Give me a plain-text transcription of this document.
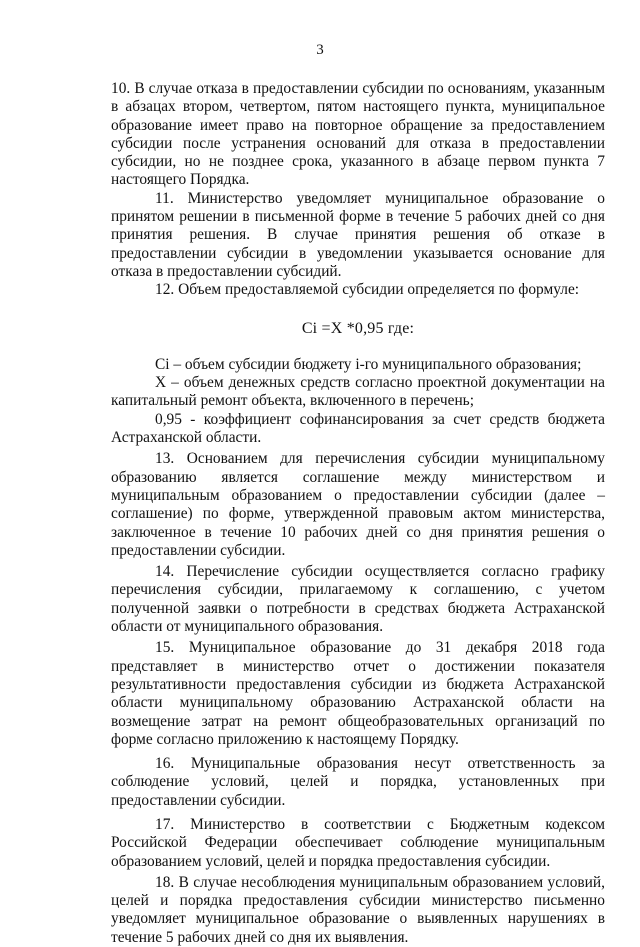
3

10. В случае отказа в предоставлении субсидии по основаниям, указанным в абзацах втором, четвертом, пятом настоящего пункта, муниципальное образование имеет право на повторное обращение за предоставлением субсидии после устранения оснований для отказа в предоставлении субсидии, но не позднее срока, указанного в абзаце первом пункта 7 настоящего Порядка.

11. Министерство уведомляет муниципальное образование о принятом решении в письменной форме в течение 5 рабочих дней со дня принятия решения. В случае принятия решения об отказе в предоставлении субсидии в уведомлении указывается основание для отказа в предоставлении субсидий.

12. Объем предоставляемой субсидии определяется по формуле:

Ci =X *0,95 где:

Ci – объем субсидии бюджету i-го муниципального образования;

X – объем денежных средств согласно проектной документации на капитальный ремонт объекта, включенного в перечень;

0,95 - коэффициент софинансирования за счет средств бюджета Астраханской области.

13. Основанием для перечисления субсидии муниципальному образованию является соглашение между министерством и муниципальным образованием о предоставлении субсидии (далее – соглашение) по форме, утвержденной правовым актом министерства, заключенное в течение 10 рабочих дней со дня принятия решения о предоставлении субсидии.

14. Перечисление субсидии осуществляется согласно графику перечисления субсидии, прилагаемому к соглашению, с учетом полученной заявки о потребности в средствах бюджета Астраханской области от муниципального образования.

15. Муниципальное образование до 31 декабря 2018 года представляет в министерство отчет о достижении показателя результативности предоставления субсидии из бюджета Астраханской области муниципальному образованию Астраханской области на возмещение затрат на ремонт общеобразовательных организаций по форме согласно приложению к настоящему Порядку.

16. Муниципальные образования несут ответственность за соблюдение условий, целей и порядка, установленных при предоставлении субсидии.

17. Министерство в соответствии с Бюджетным кодексом Российской Федерации обеспечивает соблюдение муниципальным образованием условий, целей и порядка предоставления субсидии.

18. В случае несоблюдения муниципальным образованием условий, целей и порядка предоставления субсидии министерство письменно уведомляет муниципальное образование о выявленных нарушениях в течение 5 рабочих дней со дня их выявления.
